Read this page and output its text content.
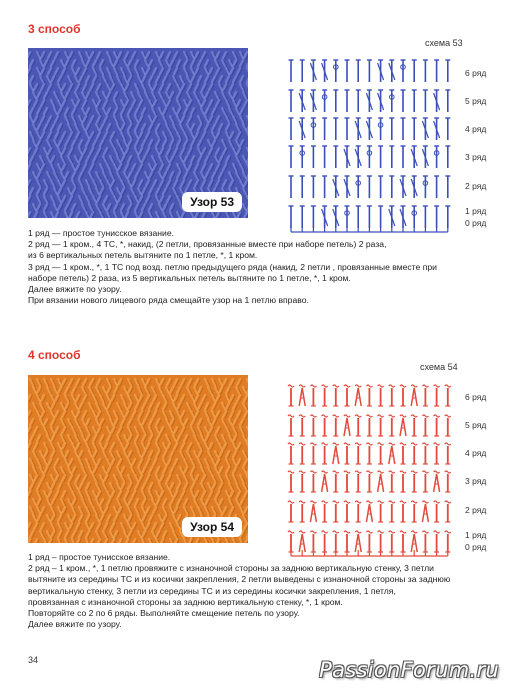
3 способ
Узор 53
схема 53
6 ряд
5 ряд
4 ряд
3 ряд
2 ряд
1 ряд
0 ряд

1 ряд — простое тунисское вязание.

2 ряд — 1 кром., 4 ТС, *, накид, (2 петли, провязанные вместе при наборе петель) 2 раза,

из 6 вертикальных петель вытяните по 1 петле, *, 1 кром.

3 ряд — 1 кром., *, 1 ТС под возд. петлю предыдущего ряда (накид, 2 петли , провязанные вместе при

наборе петель) 2 раза, из 5 вертикальных петель вытяните по 1 петле, *, 1 кром.

Далее вяжите по узору.

При вязании нового лицевого ряда смещайте узор на 1 петлю вправо.

4 способ
Узор 54
схема 54
6 ряд
5 ряд
4 ряд
3 ряд
2 ряд
1 ряд
0 ряд

1 ряд – простое тунисское вязание.

2 ряд – 1 кром., *, 1 петлю провяжите с изнаночной стороны за заднюю вертикальную стенку, 3 петли

вытяните из середины ТС и из косички закрепления, 2 петли выведены с изнаночной стороны за заднюю

вертикальную стенку, 3 петли из середины ТС и из середины косички закрепления, 1 петля,

провязанная с изнаночной стороны за заднюю вертикальную стенку, *, 1 кром.

Повторяйте со 2 по 6 ряды. Выполняйте смещение петель по узору.

Далее вяжите по узору.

34	PassionForum.ru
